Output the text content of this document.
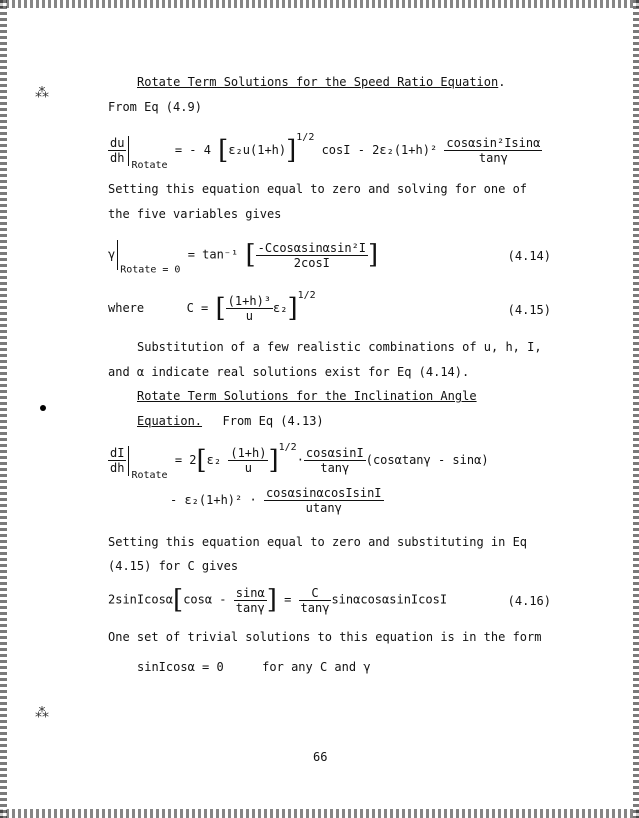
⁂
⁂
Rotate Term Solutions for the Speed Ratio Equation.
From Eq (4.9)
$\frac{du}{dh}$
$_{Rotate}$ = - 4 $[\varepsilon_2u(1+h)]^{1/2}$ $\cos I - 2\varepsilon_2(1+h)^2 \frac{\text{cosαsin²Isinα}}{\tan\gamma}$
Setting this equation equal to zero and solving for one of
the five variables gives
$\gamma_{Rotate = 0} = \tan^{-1}$ [ $\frac{\text{-Ccosαsinαsin²I}}{2\cos I}$ ]	(4.14)
where	C = [ $\frac{\text{(1+h)³}}{u} \varepsilon_2]^{1/2}$
(4.15)
Substitution of a few realistic combinations of u, h, I,
and α indicate real solutions exist for Eq (4.14).
Rotate Term Solutions for the Inclination Angle
Equation. From Eq (4.13)
$\frac{dI}{dh}$
$_{Rotate} = 2[\varepsilon_2 \frac{(1+h)}{u} ]^{1/2}\cdot \frac{\cos\alpha\sin I}{\tan\gamma} (\cos\alpha\tan\gamma - \sin\alpha)$
- $\varepsilon_2(1+h)^2 \cdot \frac{\text{cosαsinαcosIsinI}}{utan\gamma}$
Setting this equation equal to zero and substituting in Eq
(4.15) for C gives
2sinIcosα[cosα - $\frac{\sin\alpha}{\tan\gamma}$ ] = $\frac{C}{\tan\gamma}$ sinαcosαsinIcosI	(4.16)
One set of trivial solutions to this equation is in the form
sinIcosα = 0	for any C and γ
66
